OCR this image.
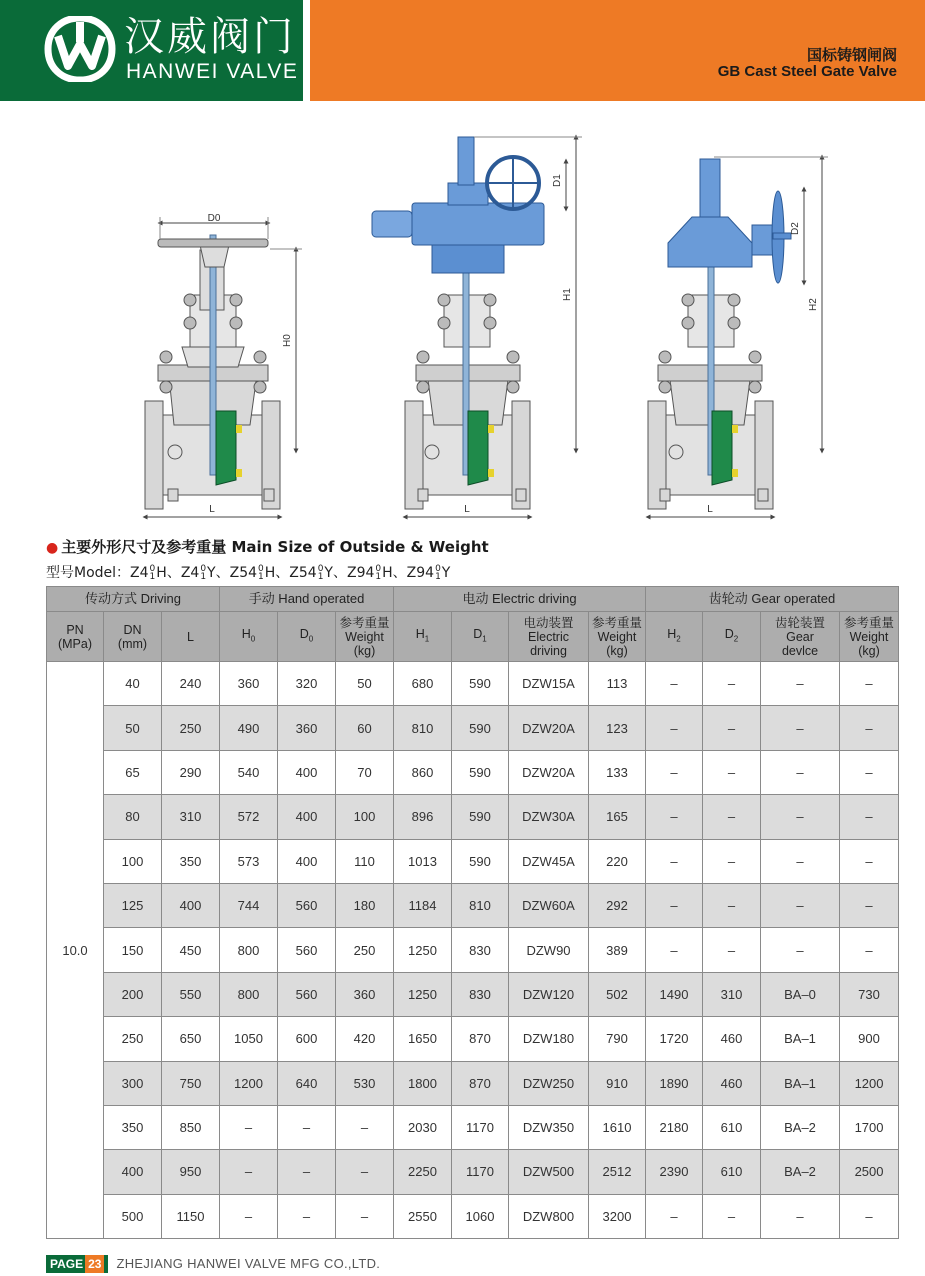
汉威阀门
HANWEI VALVE
国标铸钢闸阀
GB Cast Steel Gate Valve
D0
H0
L
D1
H1
L
D2
H2
L
● 主要外形尺寸及参考重量 Main Size of Outside & Weight
型号Model：Z40
1H、Z40
1Y、Z540
1H、Z540
1Y、Z940
1H、Z940
1Y
传动方式 Driving			手动 Hand operated			电动 Electric driving				齿轮动 Gear operated			
PN
(MPa)	DN
(mm)	L	$H_0$	$D_0$	参考重量
Weight
(kg)	$H_1$	$D_1$	电动装置
Electric
driving	参考重量
Weight
(kg)	$H_2$	$D_2$	齿轮装置
Gear
devlce	参考重量
Weight
(kg)
10.0	40	240	360	320	50	680	590	DZW15A	113	–	–	–	–
	50	250	490	360	60	810	590	DZW20A	123	–	–	–	–
	65	290	540	400	70	860	590	DZW20A	133	–	–	–	–
	80	310	572	400	100	896	590	DZW30A	165	–	–	–	–
	100	350	573	400	110	1013	590	DZW45A	220	–	–	–	–
	125	400	744	560	180	1184	810	DZW60A	292	–	–	–	–
	150	450	800	560	250	1250	830	DZW90	389	–	–	–	–
	200	550	800	560	360	1250	830	DZW120	502	1490	310	BA–0	730
	250	650	1050	600	420	1650	870	DZW180	790	1720	460	BA–1	900
	300	750	1200	640	530	1800	870	DZW250	910	1890	460	BA–1	1200
	350	850	–	–	–	2030	1170	DZW350	1610	2180	610	BA–2	1700
	400	950	–	–	–	2250	1170	DZW500	2512	2390	610	BA–2	2500
	500	1150	–	–	–	2550	1060	DZW800	3200	–	–	–	–
PAGE 23 ZHEJIANG HANWEI VALVE MFG CO.,LTD.
